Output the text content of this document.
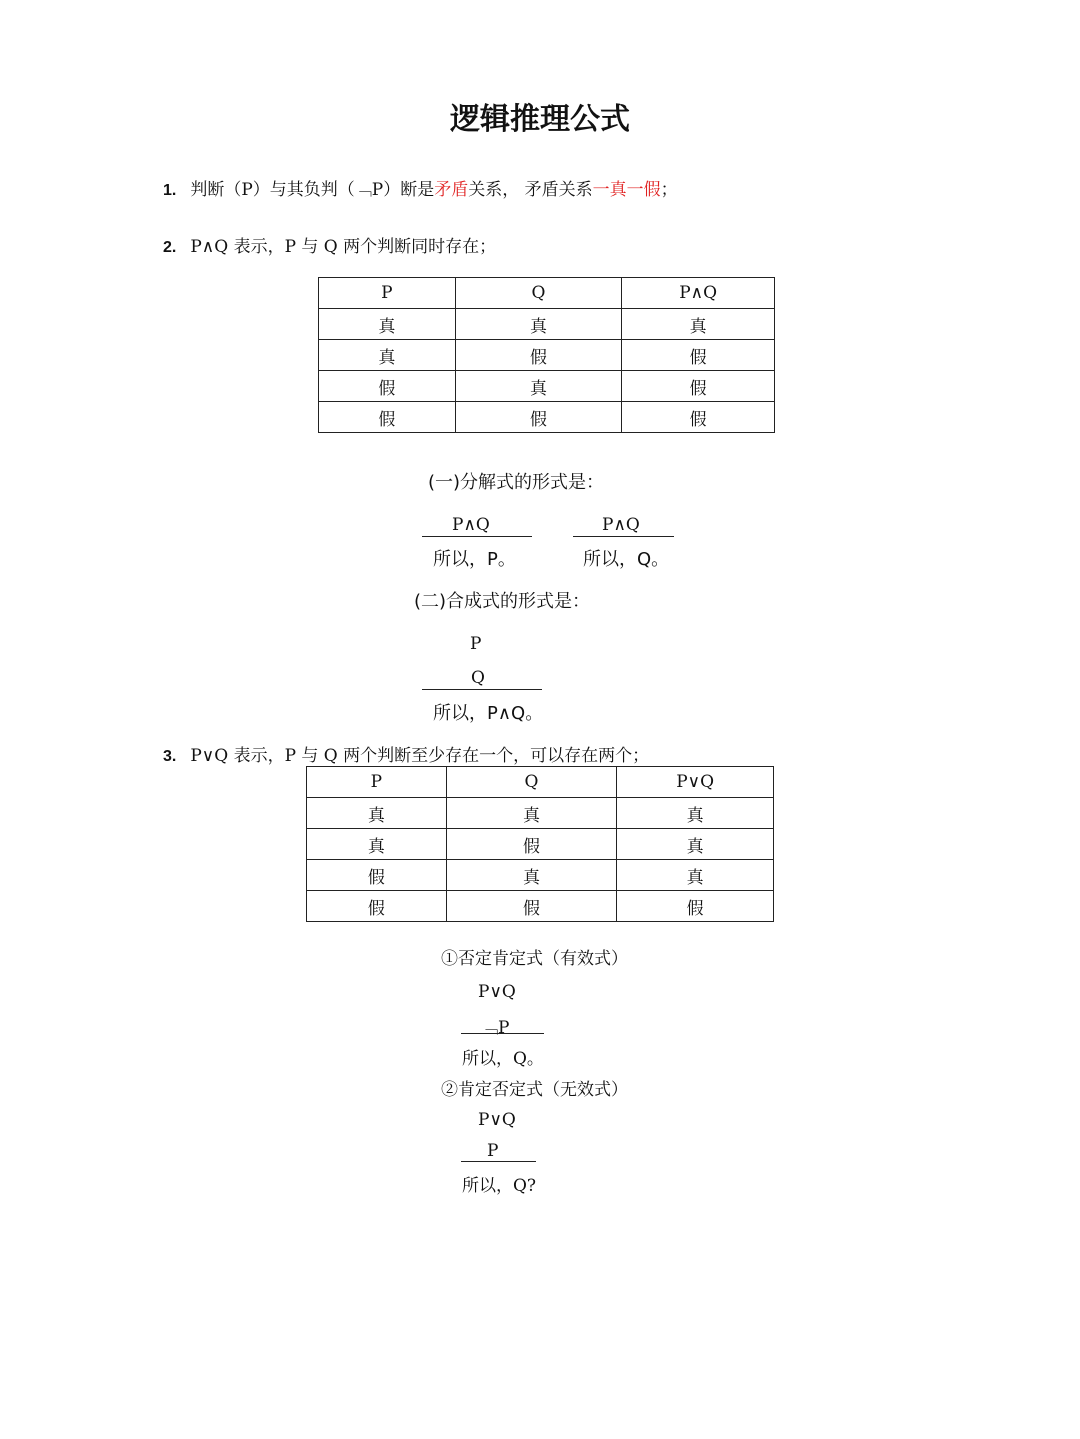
逻辑推理公式
1. 判断（P）与其负判（﹁P）断是矛盾关系， 矛盾关系一真一假；
2. P∧Q 表示，P 与 Q 两个判断同时存在；
P	Q	P∧Q
真	真	真
真	假	假
假	真	假
假	假	假
(一)分解式的形式是：
P∧Q
所以，P。
P∧Q
所以，Q。
(二)合成式的形式是：
P
Q
所以，P∧Q。
3. P∨Q 表示，P 与 Q 两个判断至少存在一个，可以存在两个；
P	Q	P∨Q
真	真	真
真	假	真
假	真	真
假	假	假
①否定肯定式（有效式）
P∨Q
﹁P
所以，Q。
②肯定否定式（无效式）
P∨Q
P
所以，Q?
